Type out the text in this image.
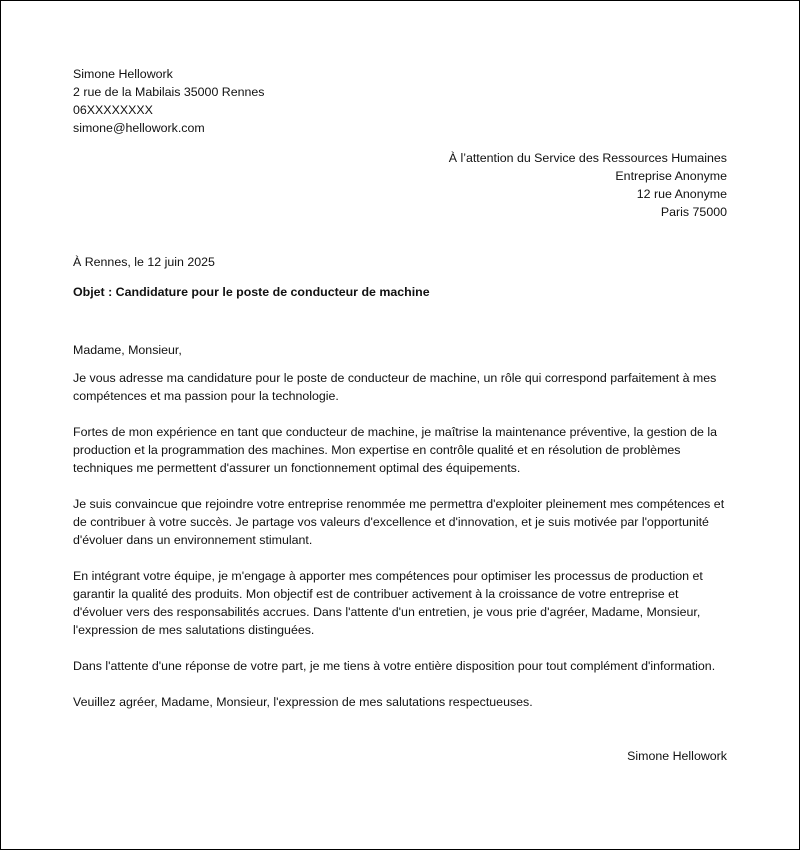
Simone Hellowork
2 rue de la Mabilais 35000 Rennes
06XXXXXXXX
simone@hellowork.com
À l’attention du Service des Ressources Humaines
Entreprise Anonyme
12 rue Anonyme
Paris 75000

À Rennes, le 12 juin 2025

Objet : Candidature pour le poste de conducteur de machine

Madame, Monsieur,

Je vous adresse ma candidature pour le poste de conducteur de machine, un rôle qui correspond parfaitement à mes compétences et ma passion pour la technologie.

Fortes de mon expérience en tant que conducteur de machine, je maîtrise la maintenance préventive, la gestion de la production et la programmation des machines. Mon expertise en contrôle qualité et en résolution de problèmes techniques me permettent d'assurer un fonctionnement optimal des équipements.

Je suis convaincue que rejoindre votre entreprise renommée me permettra d'exploiter pleinement mes compétences et de contribuer à votre succès. Je partage vos valeurs d'excellence et d'innovation, et je suis motivée par l'opportunité d'évoluer dans un environnement stimulant.

En intégrant votre équipe, je m'engage à apporter mes compétences pour optimiser les processus de production et garantir la qualité des produits. Mon objectif est de contribuer activement à la croissance de votre entreprise et d'évoluer vers des responsabilités accrues. Dans l'attente d'un entretien, je vous prie d'agréer, Madame, Monsieur, l'expression de mes salutations distinguées.

Dans l'attente d'une réponse de votre part, je me tiens à votre entière disposition pour tout complément d'information.

Veuillez agréer, Madame, Monsieur, l'expression de mes salutations respectueuses.

Simone Hellowork
